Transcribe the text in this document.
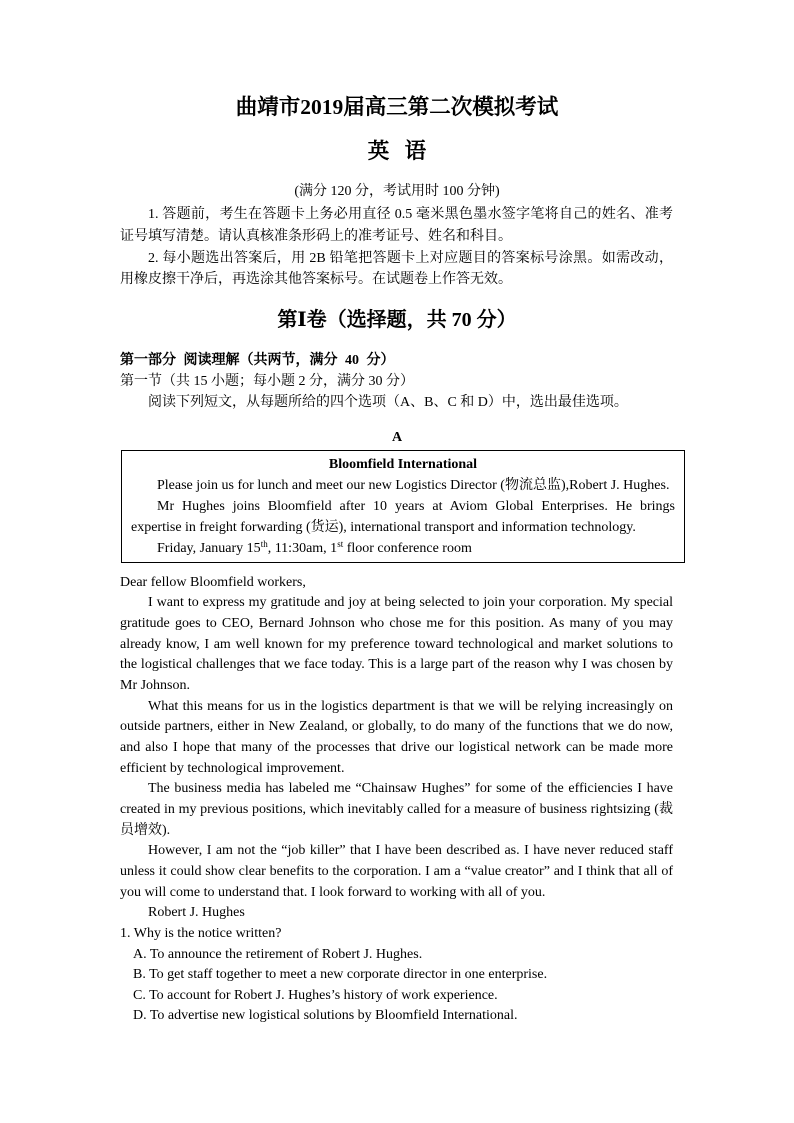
曲靖市2019届高三第二次模拟考试
英 语
(满分 120 分，考试用时 100 分钟)

1. 答题前，考生在答题卡上务必用直径 0.5 毫米黑色墨水签字笔将自己的姓名、准考证号填写清楚。请认真核准条形码上的准考证号、姓名和科目。

2. 每小题选出答案后，用 2B 铅笔把答题卡上对应题目的答案标号涂黑。如需改动，用橡皮擦干净后，再选涂其他答案标号。在试题卷上作答无效。

第Ⅰ卷（选择题，共 70 分）

第一部分 阅读理解（共两节，满分 40 分）

第一节（共 15 小题；每小题 2 分，满分 30 分）

阅读下列短文，从每题所给的四个选项（A、B、C 和 D）中，选出最佳选项。

A

Bloomfield International

Please join us for lunch and meet our new Logistics Director (物流总监),Robert J. Hughes.

Mr Hughes joins Bloomfield after 10 years at Aviom Global Enterprises. He brings expertise in freight forwarding (货运), international transport and information technology.

Friday, January 15th, 11:30am, 1st floor conference room

Dear fellow Bloomfield workers,

I want to express my gratitude and joy at being selected to join your corporation. My special gratitude goes to CEO, Bernard Johnson who chose me for this position. As many of you may already know, I am well known for my preference toward technological and market solutions to the logistical challenges that we face today. This is a large part of the reason why I was chosen by Mr Johnson.

What this means for us in the logistics department is that we will be relying increasingly on outside partners, either in New Zealand, or globally, to do many of the functions that we do now, and also I hope that many of the processes that drive our logistical network can be made more efficient by technological improvement.

The business media has labeled me “Chainsaw Hughes” for some of the efficiencies I have created in my previous positions, which inevitably called for a measure of business rightsizing (裁员增效).

However, I am not the “job killer” that I have been described as. I have never reduced staff unless it could show clear benefits to the corporation. I am a “value creator” and I think that all of you will come to understand that. I look forward to working with all of you.

Robert J. Hughes

1. Why is the notice written?

A. To announce the retirement of Robert J. Hughes.

B. To get staff together to meet a new corporate director in one enterprise.

C. To account for Robert J. Hughes’s history of work experience.

D. To advertise new logistical solutions by Bloomfield International.
